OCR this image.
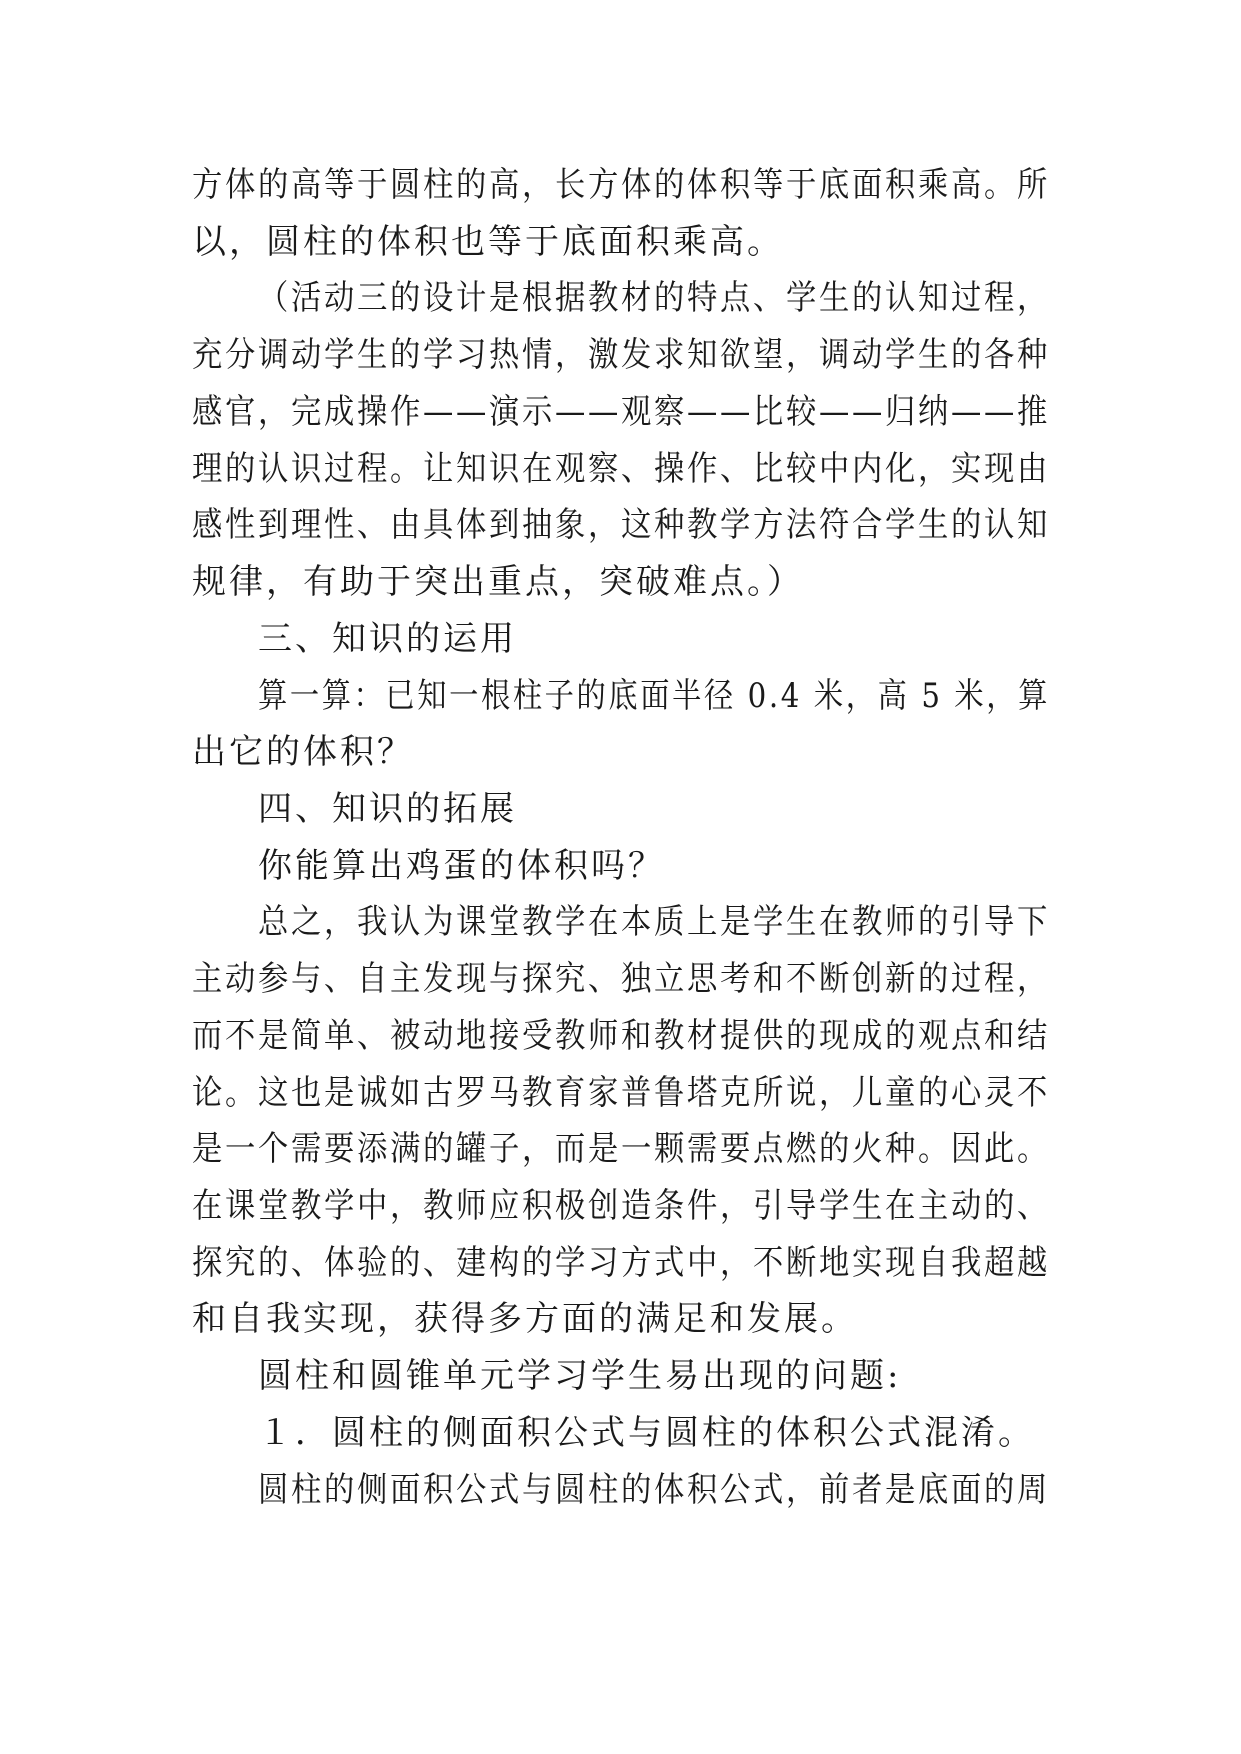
方体的高等于圆柱的高，长方体的体积等于底面积乘高。所
以，圆柱的体积也等于底面积乘高。
（活动三的设计是根据教材的特点、学生的认知过程，
充分调动学生的学习热情，激发求知欲望，调动学生的各种
感官，完成操作——演示——观察——比较——归纳——推
理的认识过程。让知识在观察、操作、比较中内化，实现由
感性到理性、由具体到抽象，这种教学方法符合学生的认知
规律，有助于突出重点，突破难点。）
三、知识的运用
算一算：已知一根柱子的底面半径 0.4 米，高 5 米，算
出它的体积？
四、知识的拓展
你能算出鸡蛋的体积吗？
总之，我认为课堂教学在本质上是学生在教师的引导下
主动参与、自主发现与探究、独立思考和不断创新的过程，
而不是简单、被动地接受教师和教材提供的现成的观点和结
论。这也是诚如古罗马教育家普鲁塔克所说，儿童的心灵不
是一个需要添满的罐子，而是一颗需要点燃的火种。因此。
在课堂教学中，教师应积极创造条件，引导学生在主动的、
探究的、体验的、建构的学习方式中，不断地实现自我超越
和自我实现，获得多方面的满足和发展。
圆柱和圆锥单元学习学生易出现的问题:
１．圆柱的侧面积公式与圆柱的体积公式混淆。
圆柱的侧面积公式与圆柱的体积公式，前者是底面的周
